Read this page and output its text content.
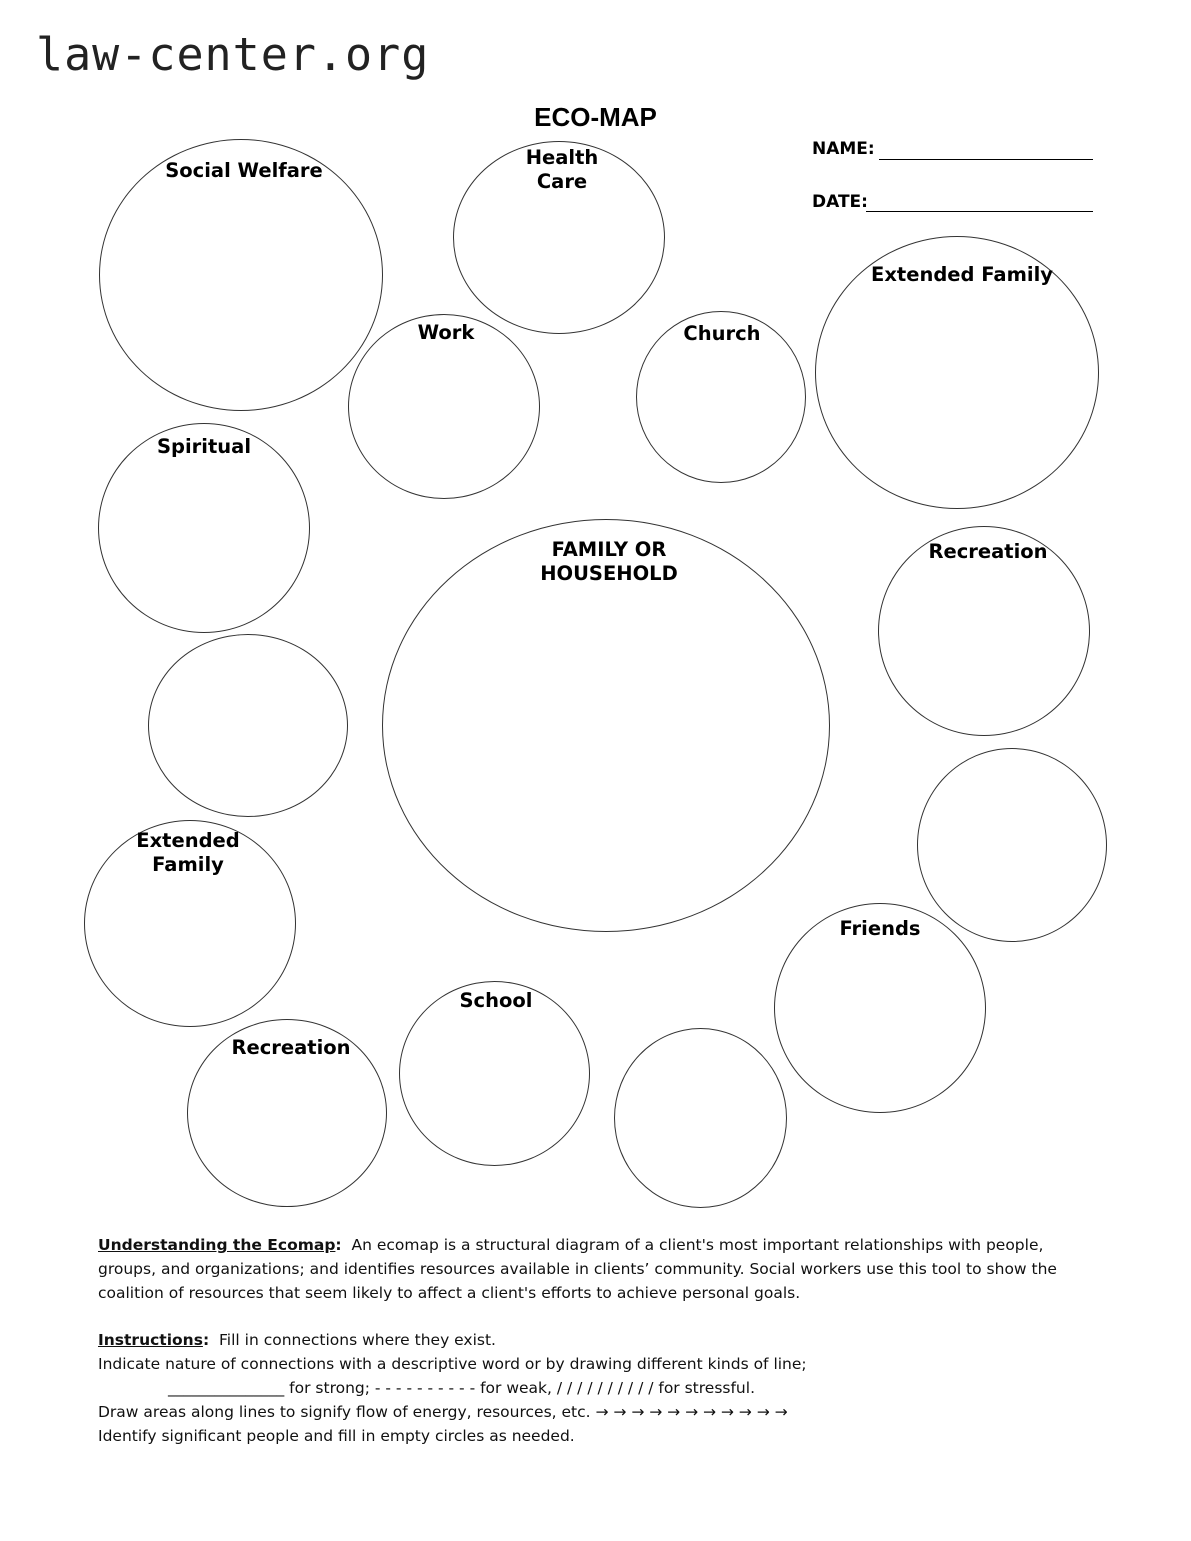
law-center.org
ECO-MAP
NAME:
DATE:
Social Welfare
Health
Care
Work	Church
Extended Family
Spiritual
FAMILY OR
HOUSEHOLD
Recreation
Extended
Family
Friends
School
Recreation
Understanding the Ecomap: An ecomap is a structural diagram of a client's most important relationships with people,
groups, and organizations; and identifies resources available in clients’ community. Social workers use this tool to show the
coalition of resources that seem likely to affect a client's efforts to achieve personal goals.
Instructions: Fill in connections where they exist.
Indicate nature of connections with a descriptive word or by drawing different kinds of line;
_______________ for strong; - - - - - - - - - - for weak, / / / / / / / / / / for stressful.
Draw areas along lines to signify flow of energy, resources, etc. → → → → → → → → → → →
Identify significant people and fill in empty circles as needed.
